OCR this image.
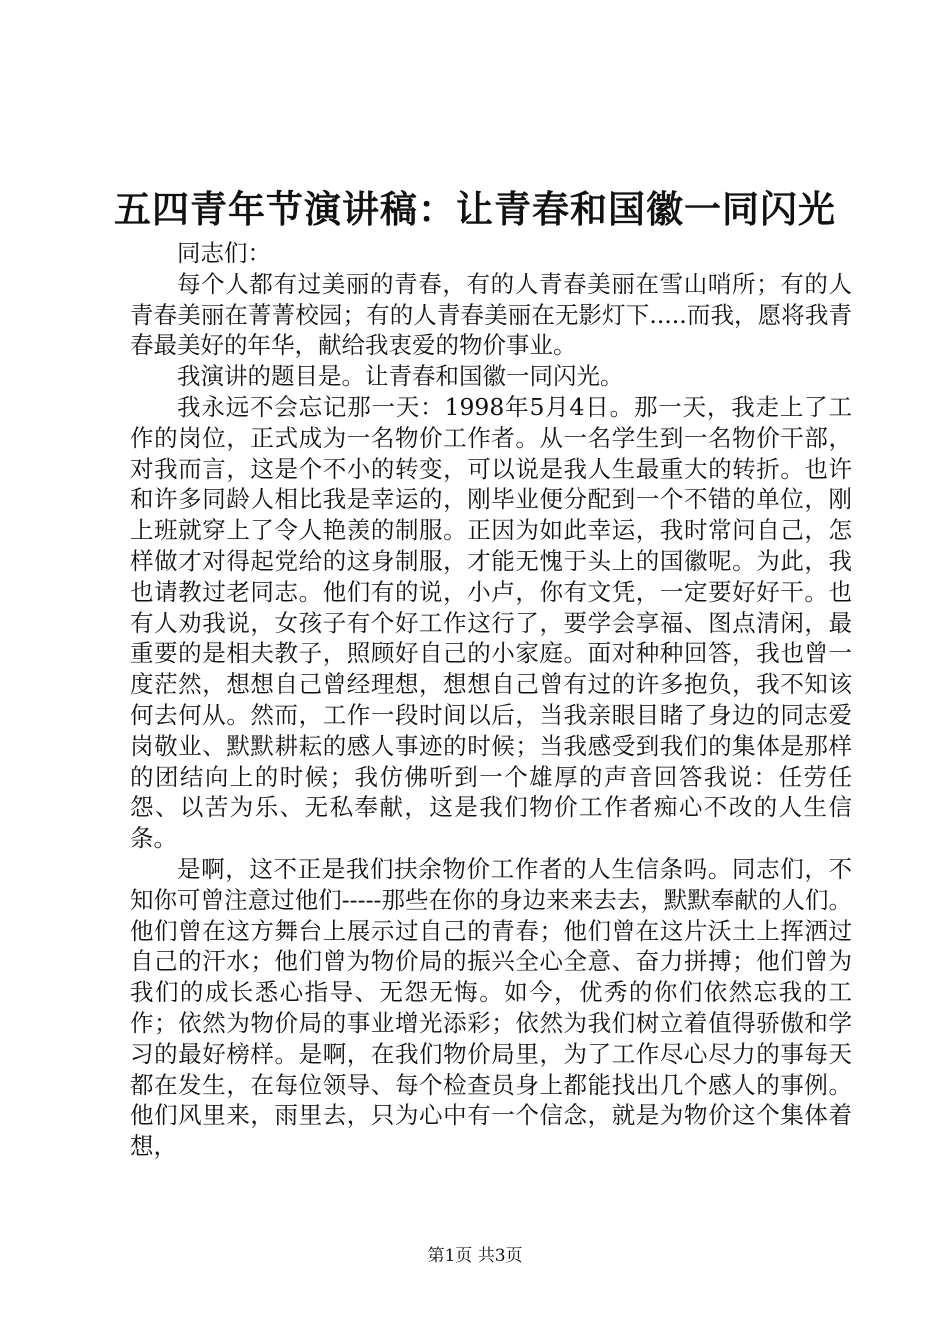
五四青年节演讲稿：让青春和国徽一同闪光

同志们：

每个人都有过美丽的青春，有的人青春美丽在雪山哨所；有的人青春美丽在菁菁校园；有的人青春美丽在无影灯下.....而我，愿将我青春最美好的年华，献给我衷爱的物价事业。

我演讲的题目是。让青春和国徽一同闪光。

我永远不会忘记那一天：1998年5月4日。那一天，我走上了工作的岗位，正式成为一名物价工作者。从一名学生到一名物价干部，对我而言，这是个不小的转变，可以说是我人生最重大的转折。也许和许多同龄人相比我是幸运的，刚毕业便分配到一个不错的单位，刚上班就穿上了令人艳羡的制服。正因为如此幸运，我时常问自己，怎样做才对得起党给的这身制服，才能无愧于头上的国徽呢。为此，我也请教过老同志。他们有的说，小卢，你有文凭，一定要好好干。也有人劝我说，女孩子有个好工作这行了，要学会享福、图点清闲，最重要的是相夫教子，照顾好自己的小家庭。面对种种回答，我也曾一度茫然，想想自己曾经理想，想想自己曾有过的许多抱负，我不知该何去何从。然而，工作一段时间以后，当我亲眼目睹了身边的同志爱岗敬业、默默耕耘的感人事迹的时候；当我感受到我们的集体是那样的团结向上的时候；我仿佛听到一个雄厚的声音回答我说：任劳任怨、以苦为乐、无私奉献，这是我们物价工作者痴心不改的人生信条。

是啊，这不正是我们扶余物价工作者的人生信条吗。同志们，不知你可曾注意过他们-----那些在你的身边来来去去，默默奉献的人们。他们曾在这方舞台上展示过自己的青春；他们曾在这片沃土上挥洒过自己的汗水；他们曾为物价局的振兴全心全意、奋力拼搏；他们曾为我们的成长悉心指导、无怨无悔。如今，优秀的你们依然忘我的工作；依然为物价局的事业增光添彩；依然为我们树立着值得骄傲和学习的最好榜样。是啊，在我们物价局里，为了工作尽心尽力的事每天都在发生，在每位领导、每个检查员身上都能找出几个感人的事例。他们风里来，雨里去，只为心中有一个信念，就是为物价这个集体着想，

第1页 共3页
